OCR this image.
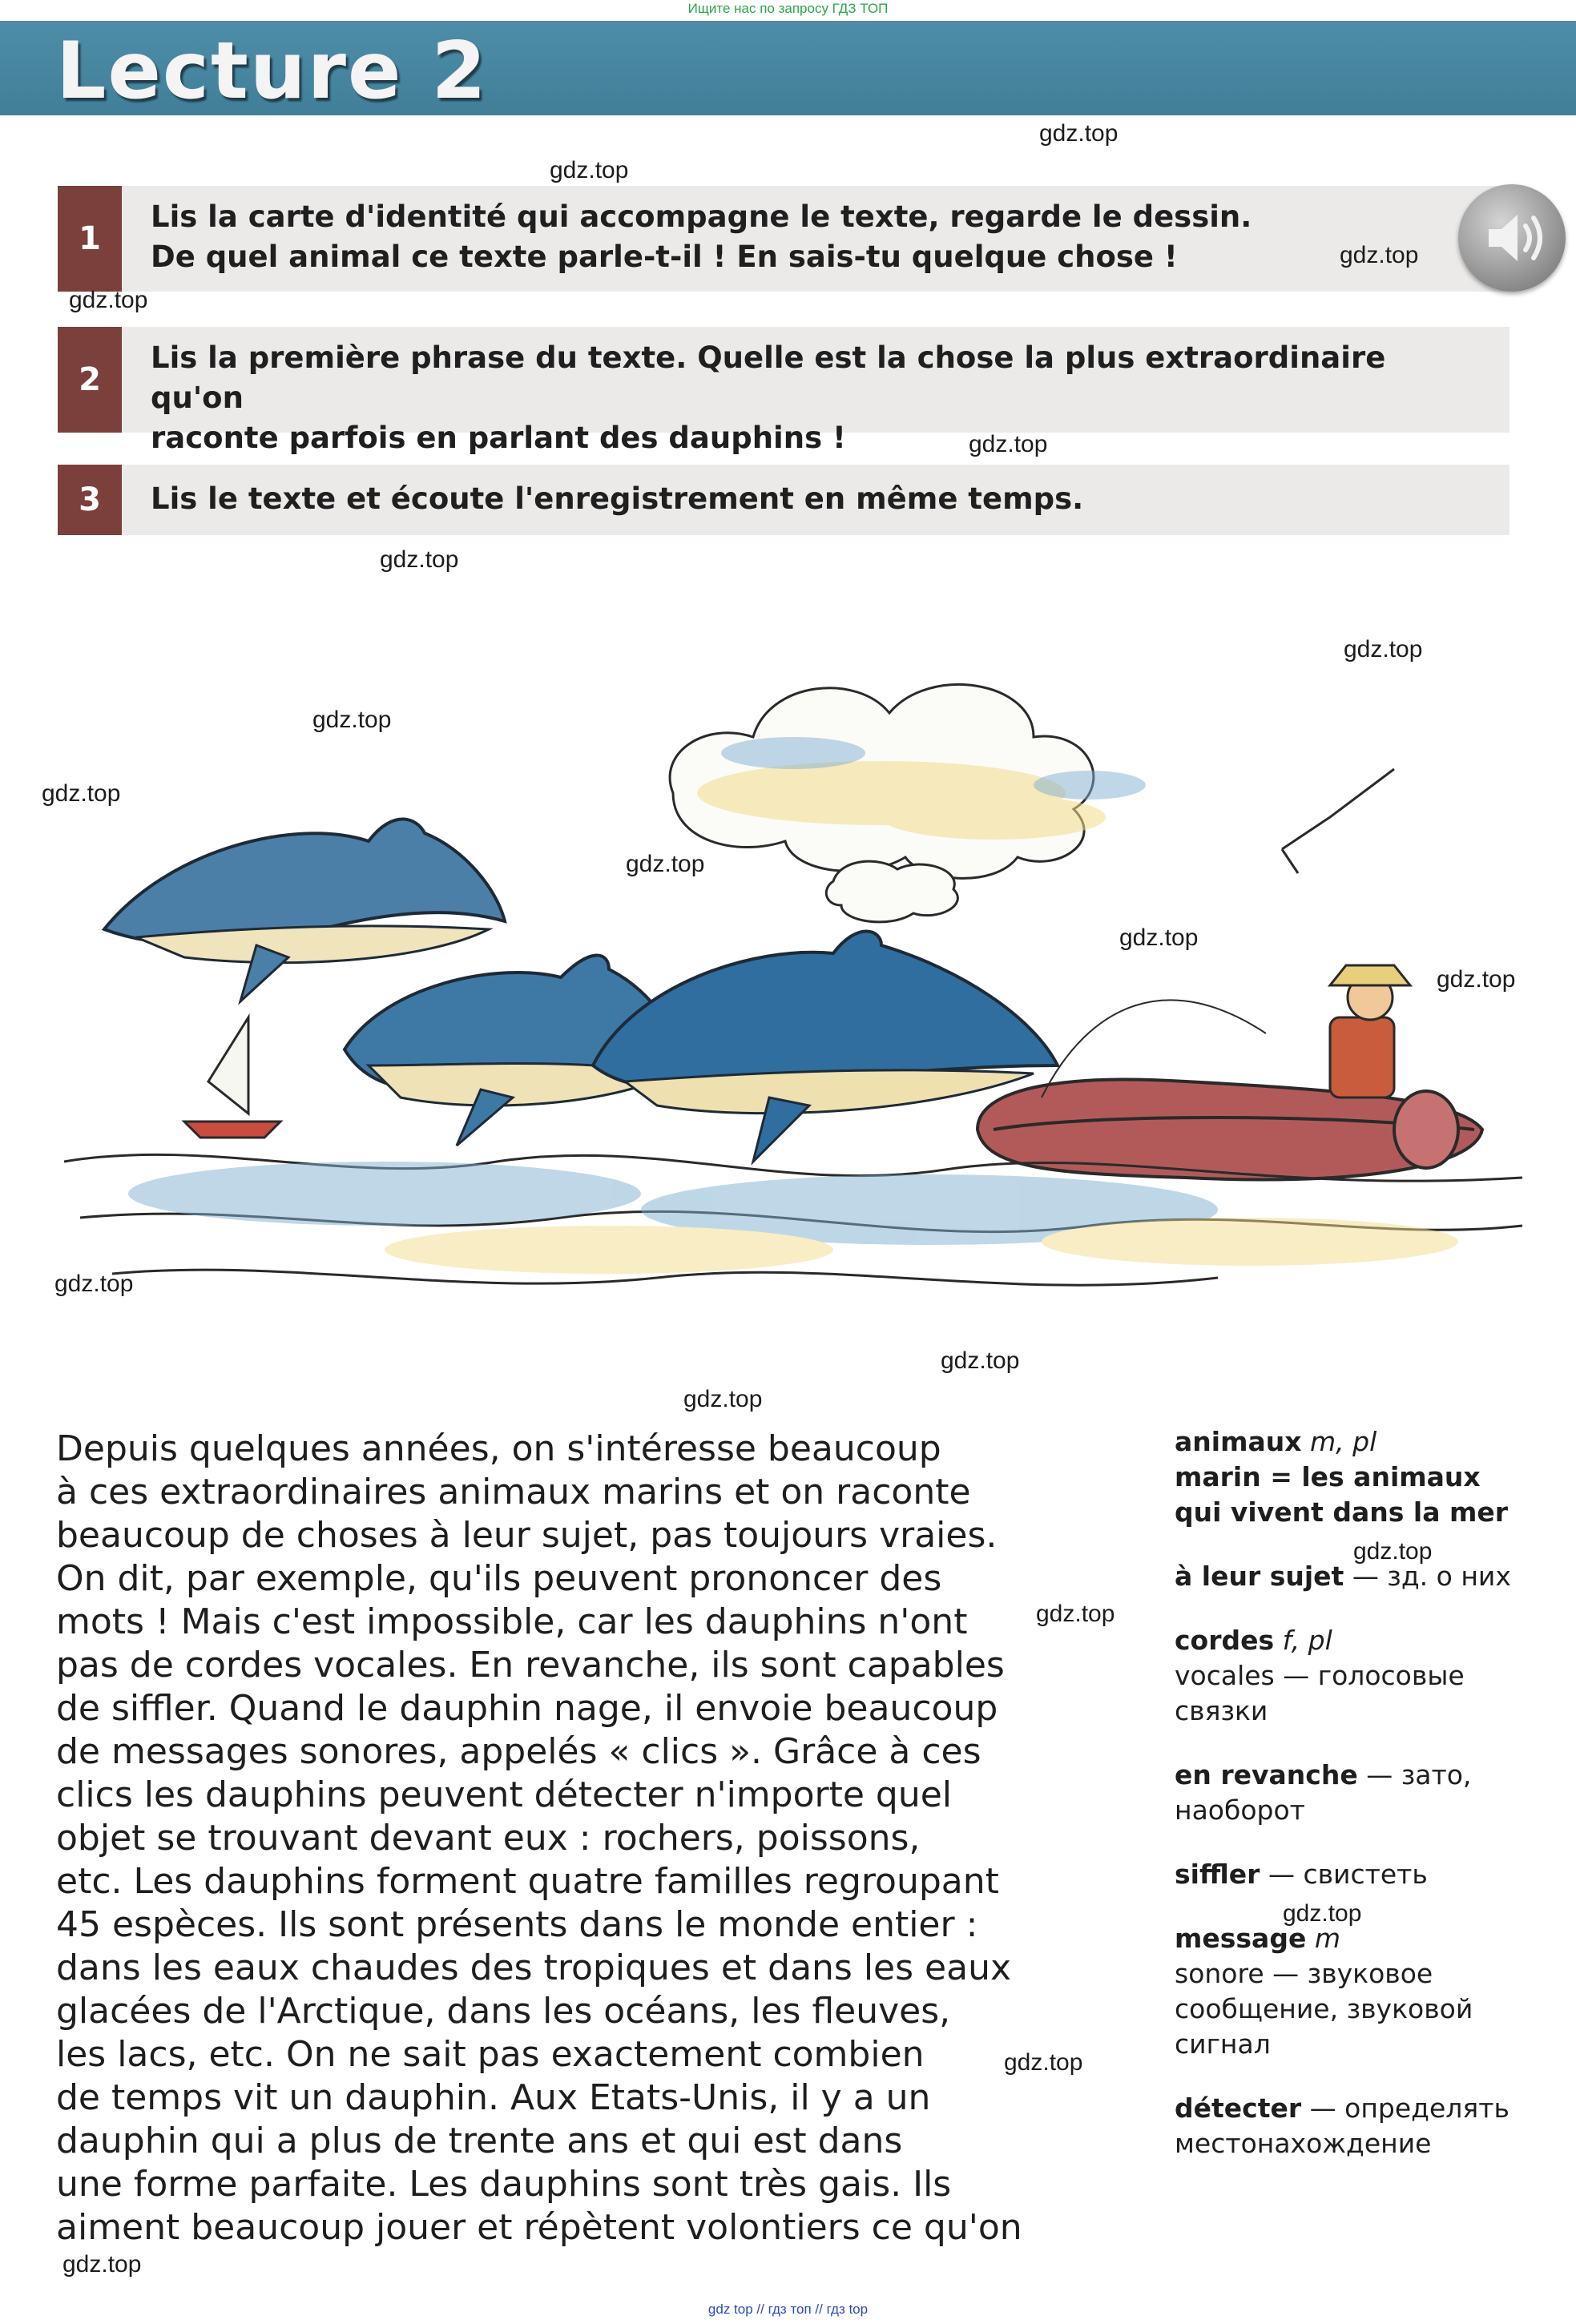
Ищите нас по запросу ГДЗ ТОП
Lecture 2
1
Lis la carte d'identité qui accompagne le texte, regarde le dessin.
De quel animal ce texte parle-t-il ! En sais-tu quelque chose !
2
Lis la première phrase du texte. Quelle est la chose la plus extraordinaire qu'on
raconte parfois en parlant des dauphins !
3	Lis le texte et écoute l'enregistrement en même temps.
gdz.top
gdz.top
gdz.top
gdz.top
gdz.top
gdz.top
gdz.top
gdz.top
gdz.top
gdz.top
gdz.top
gdz.top
gdz.top
gdz.top
gdz.top
gdz.top
gdz.top
gdz.top
gdz.top
gdz.top
Depuis quelques années, on s'intéresse beaucoup
à ces extraordinaires animaux marins et on raconte
beaucoup de choses à leur sujet, pas toujours vraies.
On dit, par exemple, qu'ils peuvent prononcer des
mots ! Mais c'est impossible, car les dauphins n'ont
pas de cordes vocales. En revanche, ils sont capables
de siffler. Quand le dauphin nage, il envoie beaucoup
de messages sonores, appelés « clics ». Grâce à ces
clics les dauphins peuvent détecter n'importe quel
objet se trouvant devant eux : rochers, poissons,
etc. Les dauphins forment quatre familles regroupant
45 espèces. Ils sont présents dans le monde entier :
dans les eaux chaudes des tropiques et dans les eaux
glacées de l'Arctique, dans les océans, les fleuves,
les lacs, etc. On ne sait pas exactement combien
de temps vit un dauphin. Aux Etats-Unis, il y a un
dauphin qui a plus de trente ans et qui est dans
une forme parfaite. Les dauphins sont très gais. Ils
aiment beaucoup jouer et répètent volontiers ce qu'on
animaux m, pl
marin = les animaux qui vivent dans la mer
à leur sujet — зд. о них
cordes f, pl
vocales — голосовые связки
en revanche — зато, наоборот
siffler — свистеть
message m
sonore — звуковое сообщение, звуковой сигнал
détecter — определять местонахождение
gdz top // гдз топ // гдз top
